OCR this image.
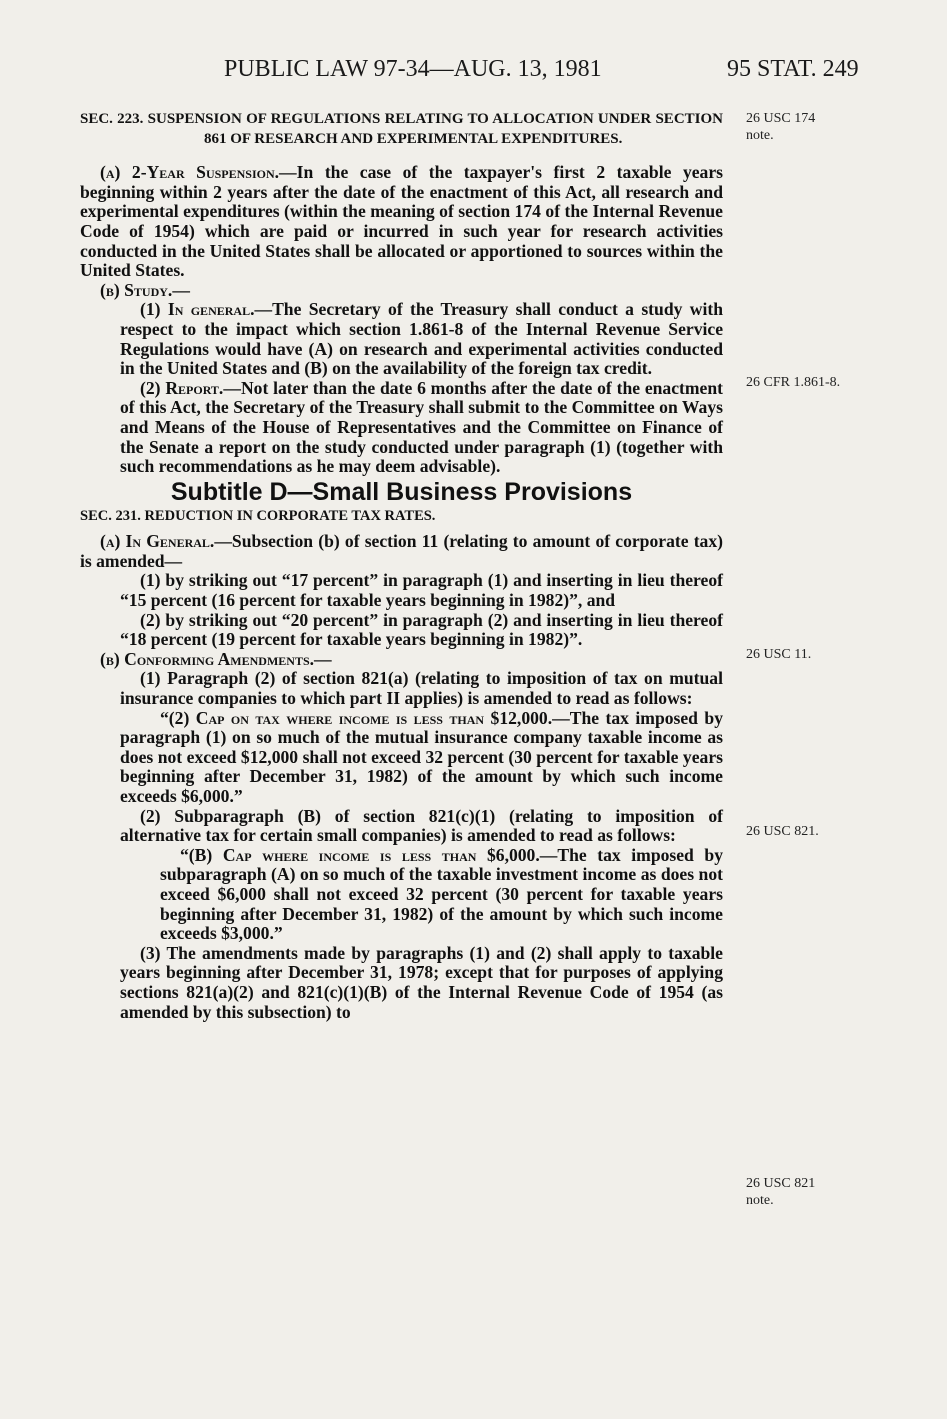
PUBLIC LAW 97-34—AUG. 13, 1981	95 STAT. 249
26 USC 174
note.
26 CFR 1.861-8.
26 USC 11.
26 USC 821.
26 USC 821
note.

SEC. 223. SUSPENSION OF REGULATIONS RELATING TO ALLOCATION UNDER SECTION 861 OF RESEARCH AND EXPERIMENTAL EXPENDITURES.

(a) 2-Year Suspension.—In the case of the taxpayer's first 2 taxable years beginning within 2 years after the date of the enactment of this Act, all research and experimental expenditures (within the meaning of section 174 of the Internal Revenue Code of 1954) which are paid or incurred in such year for research activities conducted in the United States shall be allocated or apportioned to sources within the United States.

(b) Study.—

(1) In general.—The Secretary of the Treasury shall conduct a study with respect to the impact which section 1.861-8 of the Internal Revenue Service Regulations would have (A) on research and experimental activities conducted in the United States and (B) on the availability of the foreign tax credit.

(2) Report.—Not later than the date 6 months after the date of the enactment of this Act, the Secretary of the Treasury shall submit to the Committee on Ways and Means of the House of Representatives and the Committee on Finance of the Senate a report on the study conducted under paragraph (1) (together with such recommendations as he may deem advisable).

Subtitle D—Small Business Provisions

SEC. 231. REDUCTION IN CORPORATE TAX RATES.

(a) In General.—Subsection (b) of section 11 (relating to amount of corporate tax) is amended—

(1) by striking out “17 percent” in paragraph (1) and inserting in lieu thereof “15 percent (16 percent for taxable years beginning in 1982)”, and

(2) by striking out “20 percent” in paragraph (2) and inserting in lieu thereof “18 percent (19 percent for taxable years beginning in 1982)”.

(b) Conforming Amendments.—

(1) Paragraph (2) of section 821(a) (relating to imposition of tax on mutual insurance companies to which part II applies) is amended to read as follows:

“(2) Cap on tax where income is less than $12,000.—The tax imposed by paragraph (1) on so much of the mutual insurance company taxable income as does not exceed $12,000 shall not exceed 32 percent (30 percent for taxable years beginning after December 31, 1982) of the amount by which such income exceeds $6,000.”

(2) Subparagraph (B) of section 821(c)(1) (relating to imposition of alternative tax for certain small companies) is amended to read as follows:

“(B) Cap where income is less than $6,000.—The tax imposed by subparagraph (A) on so much of the taxable investment income as does not exceed $6,000 shall not exceed 32 percent (30 percent for taxable years beginning after December 31, 1982) of the amount by which such income exceeds $3,000.”

(3) The amendments made by paragraphs (1) and (2) shall apply to taxable years beginning after December 31, 1978; except that for purposes of applying sections 821(a)(2) and 821(c)(1)(B) of the Internal Revenue Code of 1954 (as amended by this subsection) to
